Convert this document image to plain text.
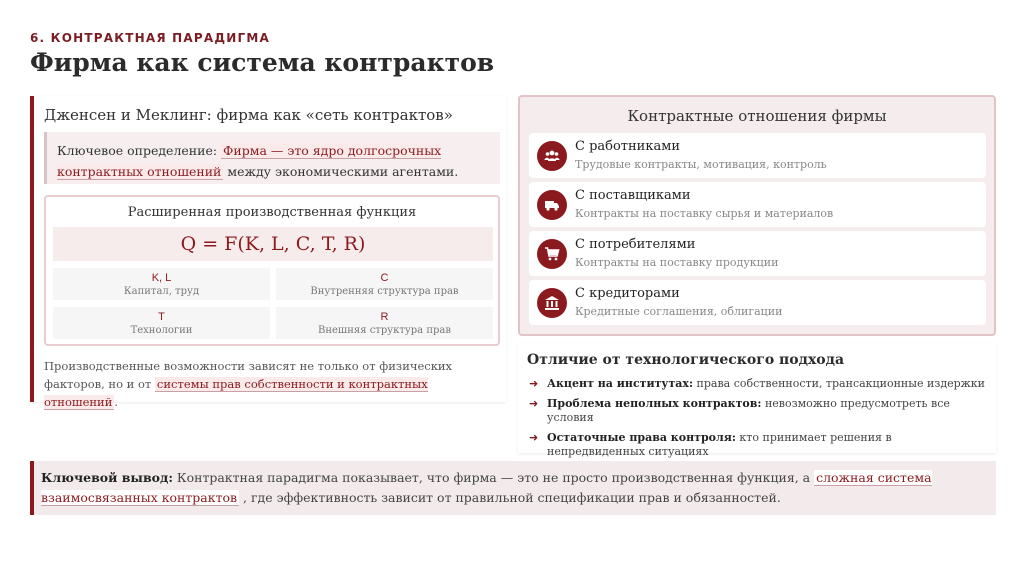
6. КОНТРАКТНАЯ ПАРАДИГМА
Фирма как система контрактов
Дженсен и Меклинг: фирма как «сеть контрактов»
Ключевое определение: Фирма — это ядро долгосрочных контрактных отношений между экономическими агентами.
Расширенная производственная функция
Q = F(K, L, C, T, R)
K, L
Капитал, труд
C
Внутренняя структура прав
T
Технологии
R
Внешняя структура прав
Производственные возможности зависят не только от физических факторов, но и от системы прав собственности и контрактных отношений .
Контрактные отношения фирмы
С работниками
Трудовые контракты, мотивация, контроль
С поставщиками
Контракты на поставку сырья и материалов
С потребителями
Контракты на поставку продукции
С кредиторами
Кредитные соглашения, облигации
Отличие от технологического подхода
➜ Акцент на институтах: права собственности, трансакционные издержки
➜ Проблема неполных контрактов: невозможно предусмотреть все условия
➜ Остаточные права контроля: кто принимает решения в непредвиденных ситуациях
Ключевой вывод: Контрактная парадигма показывает, что фирма — это не просто производственная функция, а сложная система взаимосвязанных контрактов , где эффективность зависит от правильной спецификации прав и обязанностей.
